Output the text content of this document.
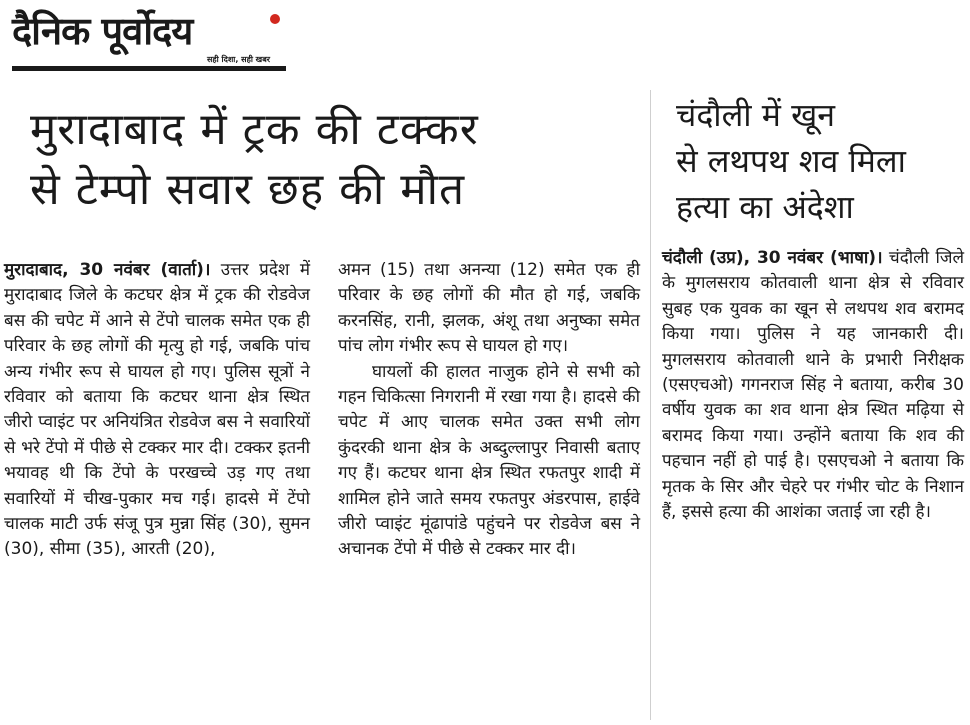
दैनिक पूर्वोदय
सही दिशा, सही खबर
मुरादाबाद में ट्रक की टक्कर
से टेम्पो सवार छह की मौत

मुरादाबाद, 30 नवंबर (वार्ता)। उत्तर प्रदेश में मुरादाबाद जिले के कटघर क्षेत्र में ट्रक की रोडवेज बस की चपेट में आने से टेंपो चालक समेत एक ही परिवार के छह लोगों की मृत्यु हो गई, जबकि पांच अन्य गंभीर रूप से घायल हो गए। पुलिस सूत्रों ने रविवार को बताया कि कटघर थाना क्षेत्र स्थित जीरो प्वाइंट पर अनियंत्रित रोडवेज बस ने सवारियों से भरे टेंपो में पीछे से टक्कर मार दी। टक्कर इतनी भयावह थी कि टेंपो के परखच्चे उड़ गए तथा सवारियों में चीख-पुकार मच गई। हादसे में टेंपो चालक माटी उर्फ संजू पुत्र मुन्ना सिंह (30), सुमन (30), सीमा (35), आरती (20),

अमन (15) तथा अनन्या (12) समेत एक ही परिवार के छह लोगों की मौत हो गई, जबकि करनसिंह, रानी, झलक, अंशू तथा अनुष्का समेत पांच लोग गंभीर रूप से घायल हो गए।
घायलों की हालत नाजुक होने से सभी को गहन चिकित्सा निगरानी में रखा गया है। हादसे की चपेट में आए चालक समेत उक्त सभी लोग कुंदरकी थाना क्षेत्र के अब्दुल्लापुर निवासी बताए गए हैं। कटघर थाना क्षेत्र स्थित रफतपुर शादी में शामिल होने जाते समय रफतपुर अंडरपास, हाईवे जीरो प्वाइंट मूंढापांडे पहुंचने पर रोडवेज बस ने अचानक टेंपो में पीछे से टक्कर मार दी।

चंदौली में खून
से लथपथ शव मिला
हत्या का अंदेशा

चंदौली (उप्र), 30 नवंबर (भाषा)। चंदौली जिले के मुगलसराय कोतवाली थाना क्षेत्र से रविवार सुबह एक युवक का खून से लथपथ शव बरामद किया गया। पुलिस ने यह जानकारी दी। मुगलसराय कोतवाली थाने के प्रभारी निरीक्षक (एसएचओ) गगनराज सिंह ने बताया, करीब 30 वर्षीय युवक का शव थाना क्षेत्र स्थित मढ़िया से बरामद किया गया। उन्होंने बताया कि शव की पहचान नहीं हो पाई है। एसएचओ ने बताया कि मृतक के सिर और चेहरे पर गंभीर चोट के निशान हैं, इससे हत्या की आशंका जताई जा रही है।
